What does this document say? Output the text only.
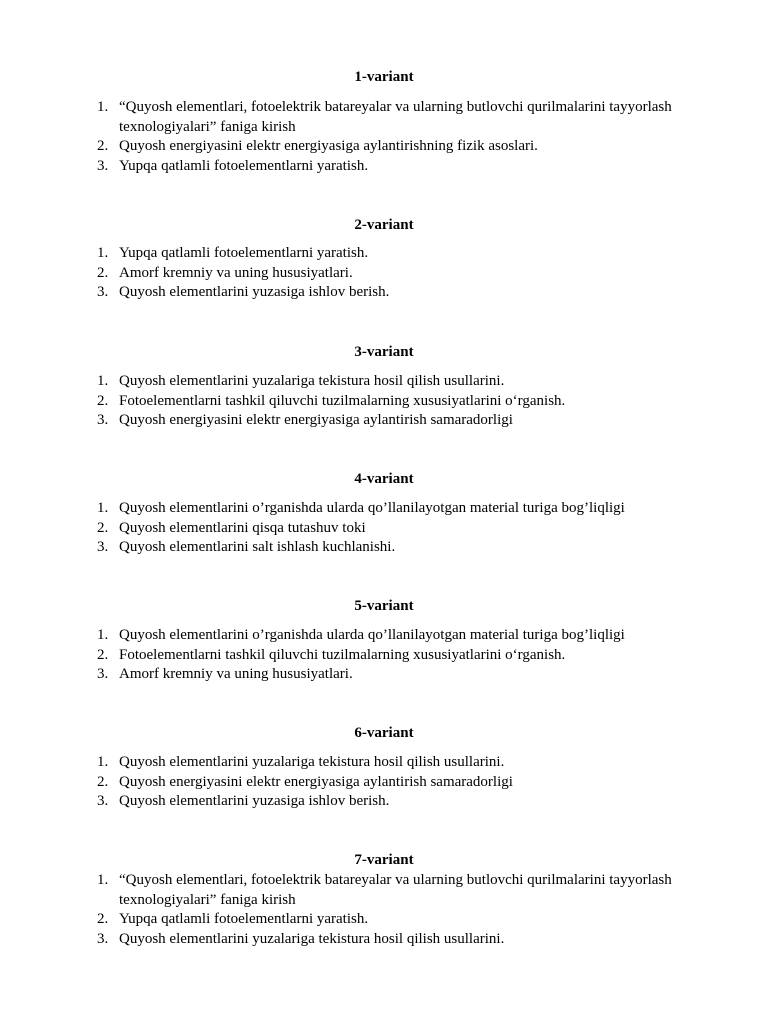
1-variant
1. “Quyosh elementlari, fotoelektrik batareyalar va ularning butlovchi qurilmalarini tayyorlash texnologiyalari” faniga kirish
2. Quyosh energiyasini elektr energiyasiga aylantirishning fizik asoslari.
3. Yupqa qatlamli fotoelementlarni yaratish.
2-variant
1. Yupqa qatlamli fotoelementlarni yaratish.
2. Amorf kremniy va uning hususiyatlari.
3. Quyosh elementlarini yuzasiga ishlov berish.
3-variant
1. Quyosh elementlarini yuzalariga tekistura hosil qilish usullarini.
2. Fotoelementlarni tashkil qiluvchi tuzilmalarning xususiyatlarini o‘rganish.
3. Quyosh energiyasini elektr energiyasiga aylantirish samaradorligi
4-variant
1. Quyosh elementlarini o’rganishda ularda qo’llanilayotgan material turiga bog’liqligi
2. Quyosh elementlarini qisqa tutashuv toki
3. Quyosh elementlarini salt ishlash kuchlanishi.
5-variant
1. Quyosh elementlarini o’rganishda ularda qo’llanilayotgan material turiga bog’liqligi
2. Fotoelementlarni tashkil qiluvchi tuzilmalarning xususiyatlarini o‘rganish.
3. Amorf kremniy va uning hususiyatlari.
6-variant
1. Quyosh elementlarini yuzalariga tekistura hosil qilish usullarini.
2. Quyosh energiyasini elektr energiyasiga aylantirish samaradorligi
3. Quyosh elementlarini yuzasiga ishlov berish.
7-variant
1. “Quyosh elementlari, fotoelektrik batareyalar va ularning butlovchi qurilmalarini tayyorlash texnologiyalari” faniga kirish
2. Yupqa qatlamli fotoelementlarni yaratish.
3. Quyosh elementlarini yuzalariga tekistura hosil qilish usullarini.
